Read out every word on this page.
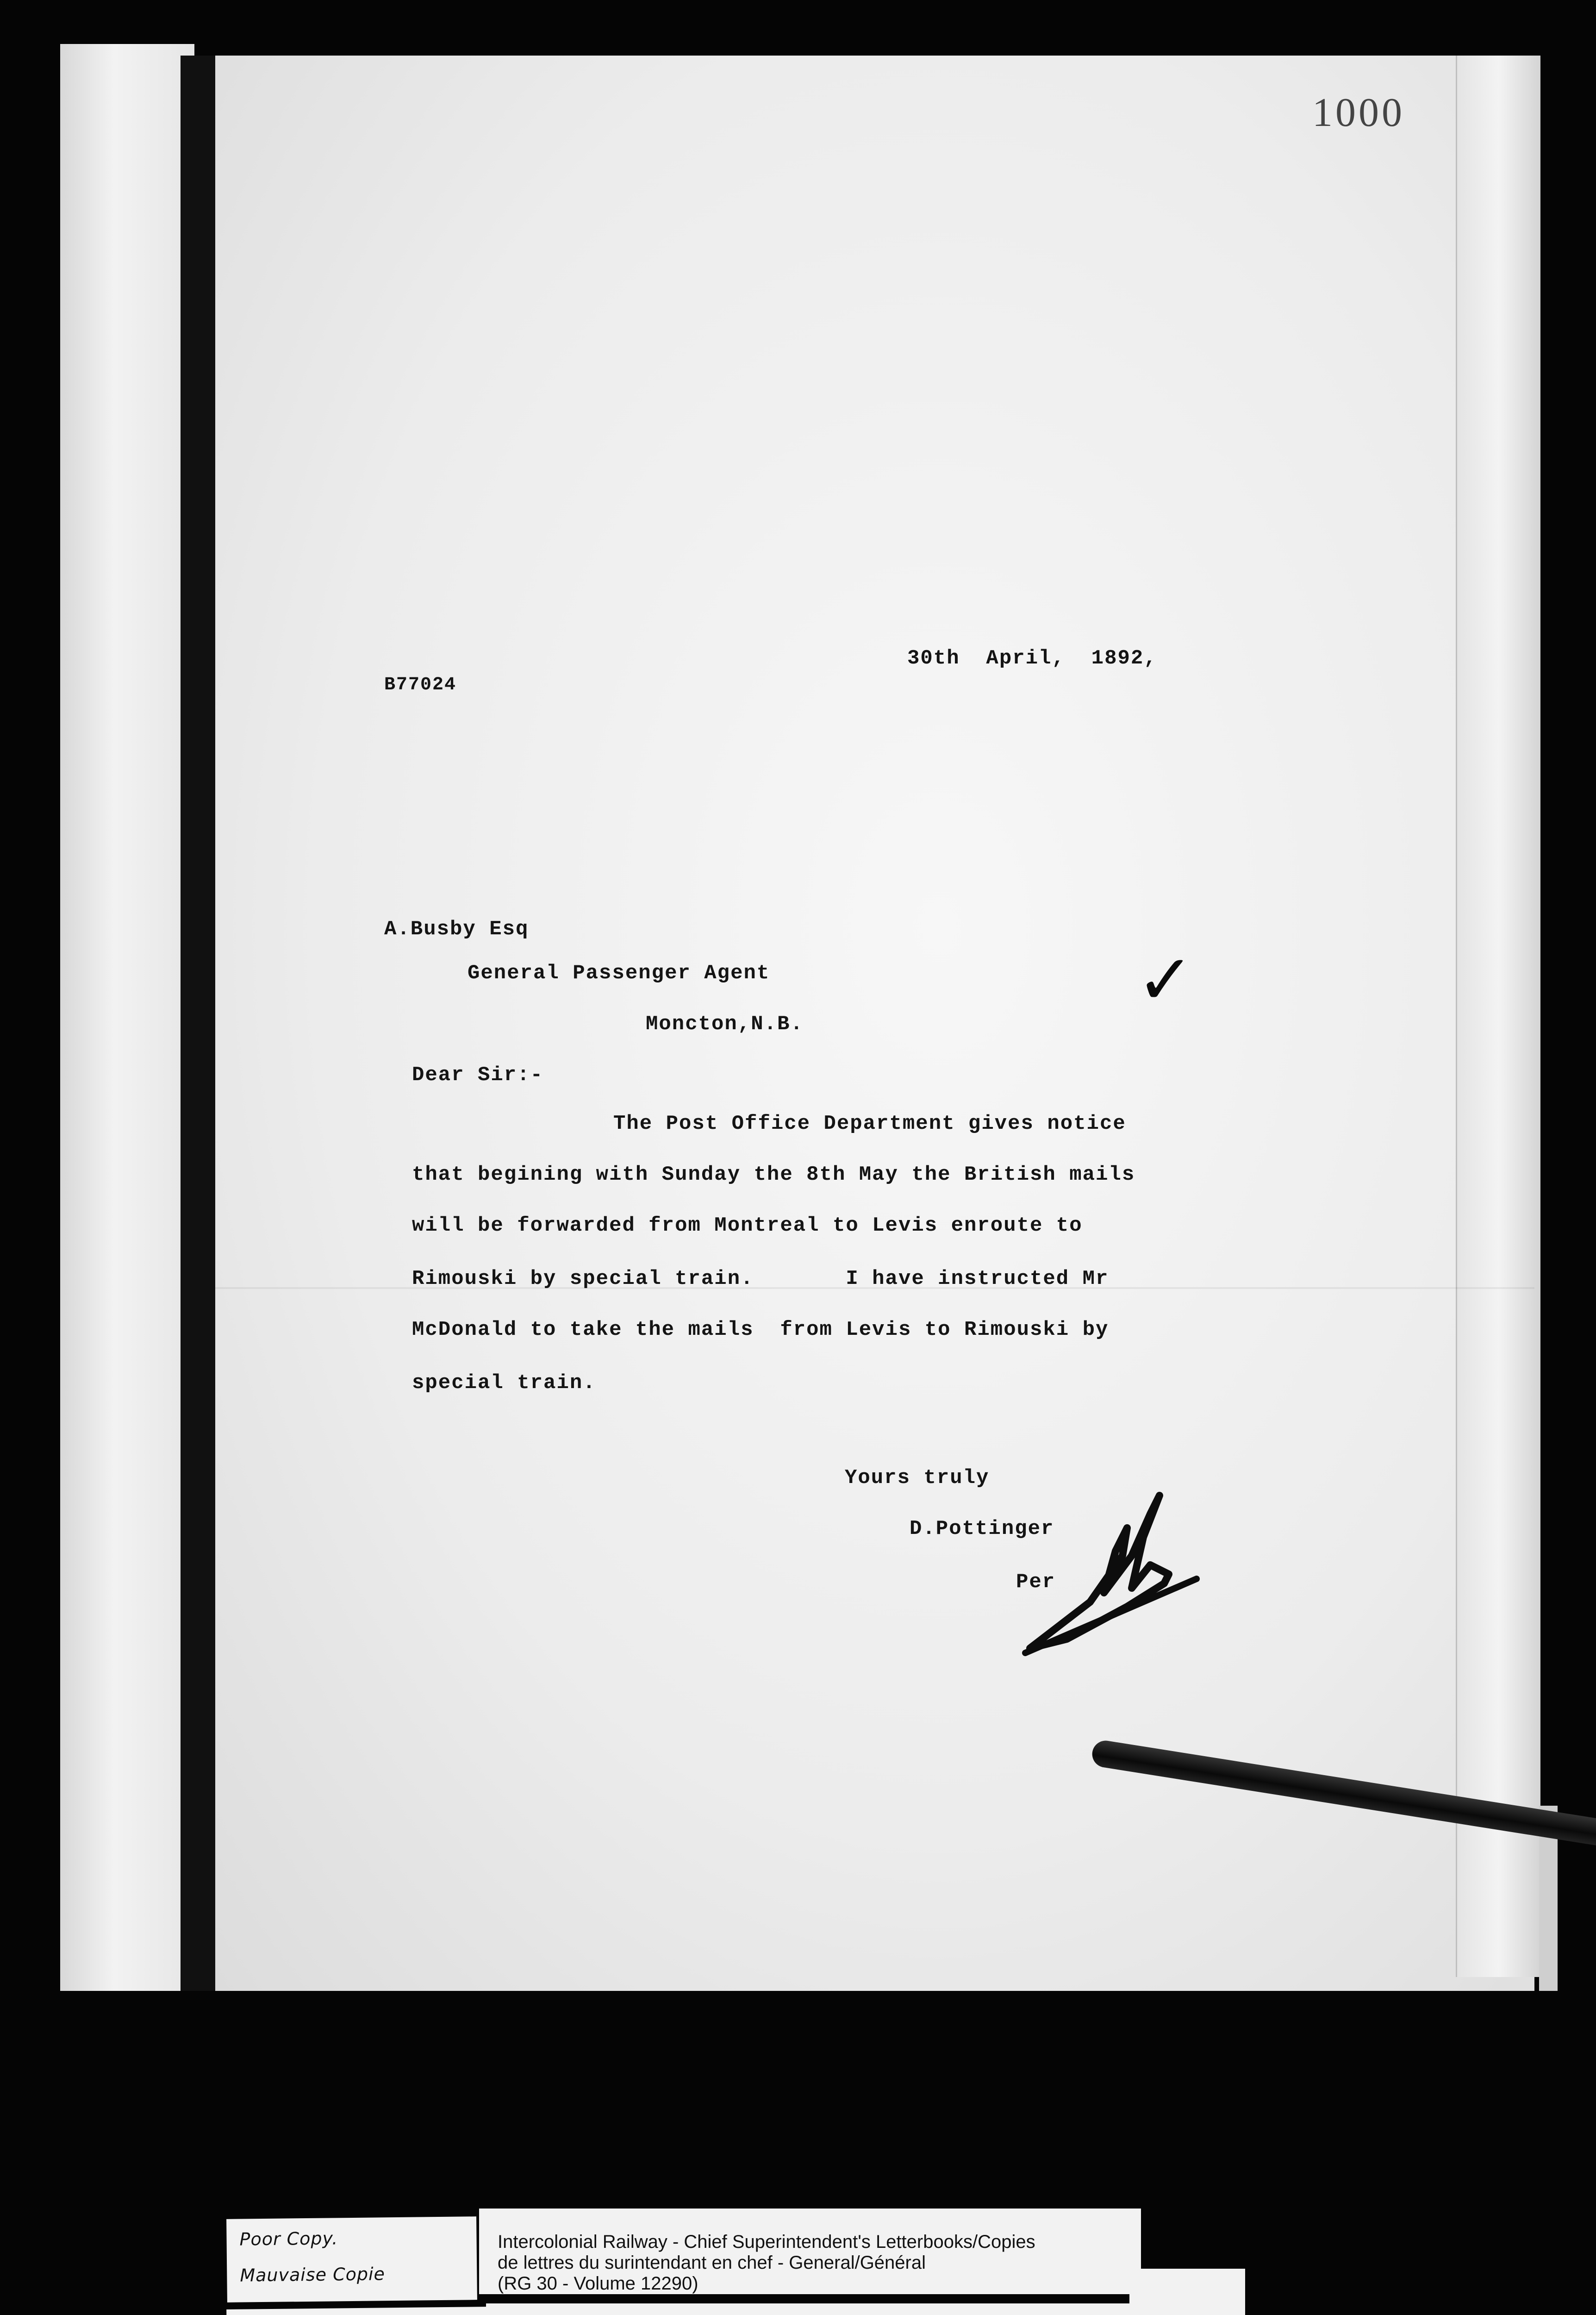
1000
30th  April,  1892,
B77024
A.Busby Esq
General Passenger Agent
Moncton,N.B.
Dear Sir:-
The Post Office Department gives notice
that begining with Sunday the 8th May the British mails
will be forwarded from Montreal to Levis enroute to
Rimouski by special train.       I have instructed Mr
McDonald to take the mails  from Levis to Rimouski by
special train.
Yours truly
D.Pottinger
Per
✓
Poor Copy.
Mauvaise Copie
Intercolonial Railway - Chief Superintendent's Letterbooks/Copies
de lettres du surintendant en chef - General/Général
(RG 30 - Volume 12290)
